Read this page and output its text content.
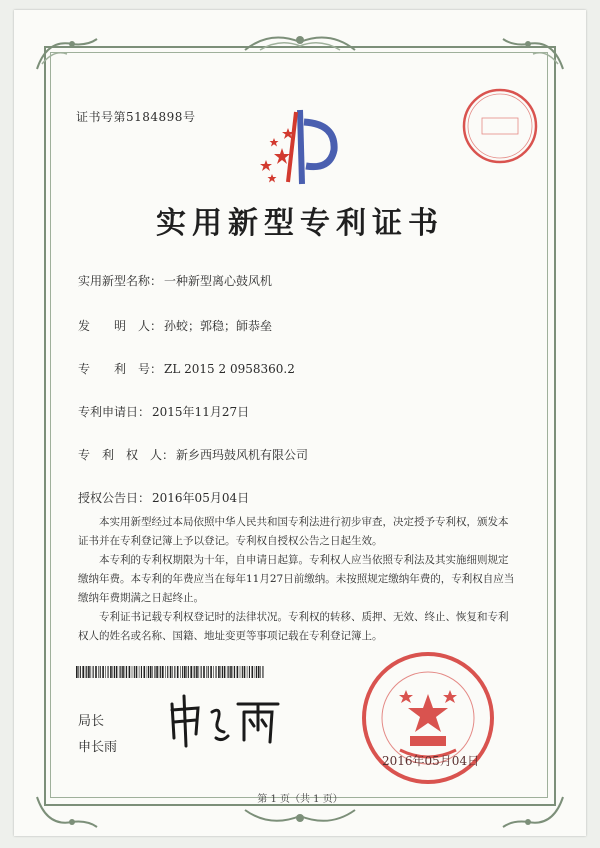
证书号第5184898号
实用新型专利证书
实用新型名称： 一种新型离心鼓风机
发　　明　人： 孙蛟；郭稳；師恭垒
专　　利　号： ZL 2015 2 0958360.2
专利申请日： 2015年11月27日
专　利　权　人： 新乡西玛鼓风机有限公司
授权公告日： 2016年05月04日

本实用新型经过本局依照中华人民共和国专利法进行初步审查，决定授予专利权，颁发本证书并在专利登记簿上予以登记。专利权自授权公告之日起生效。

本专利的专利权期限为十年，自申请日起算。专利权人应当依照专利法及其实施细则规定缴纳年费。本专利的年费应当在每年11月27日前缴纳。未按照规定缴纳年费的，专利权自应当缴纳年费期满之日起终止。

专利证书记载专利权登记时的法律状况。专利权的转移、质押、无效、终止、恢复和专利权人的姓名或名称、国籍、地址变更等事项记载在专利登记簿上。

局长
申长雨
2016年05月04日
第 1 页（共 1 页）
